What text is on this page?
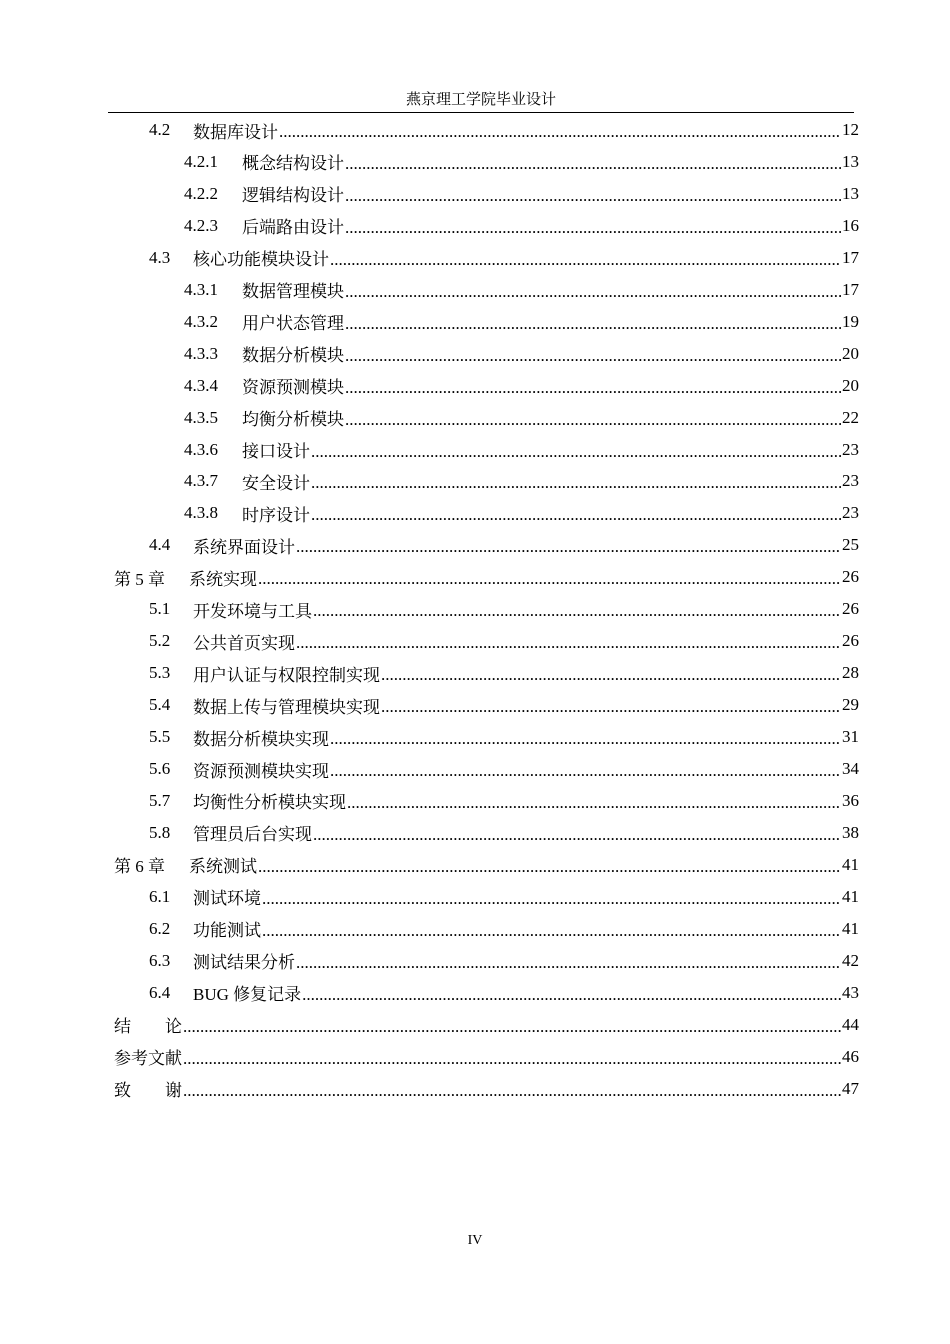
燕京理工学院毕业设计
4.2	数据库设计 .....	12
4.2.1	概念结构设计 .....	13
4.2.2	逻辑结构设计 .....	13
4.2.3	后端路由设计 .....	16
4.3	核心功能模块设计 .....	17
4.3.1	数据管理模块 .....	17
4.3.2	用户状态管理 .....	19
4.3.3	数据分析模块 .....	20
4.3.4	资源预测模块 .....	20
4.3.5	均衡分析模块 .....	22
4.3.6	接口设计 .....	23
4.3.7	安全设计 .....	23
4.3.8	时序设计 .....	23
4.4	系统界面设计 .....	25
第 5 章	系统实现 .....	26
5.1	开发环境与工具 .....	26
5.2	公共首页实现 .....	26
5.3	用户认证与权限控制实现 .....	28
5.4	数据上传与管理模块实现 .....	29
5.5	数据分析模块实现 .....	31
5.6	资源预测模块实现 .....	34
5.7	均衡性分析模块实现 .....	36
5.8	管理员后台实现 .....	38
第 6 章	系统测试 .....	41
6.1	测试环境 .....	41
6.2	功能测试 .....	41
6.3	测试结果分析 .....	42
6.4	BUG 修复记录 .....	43
结　　论 .....	44
参考文献 .....	46
致　　谢 .....	47
IV
